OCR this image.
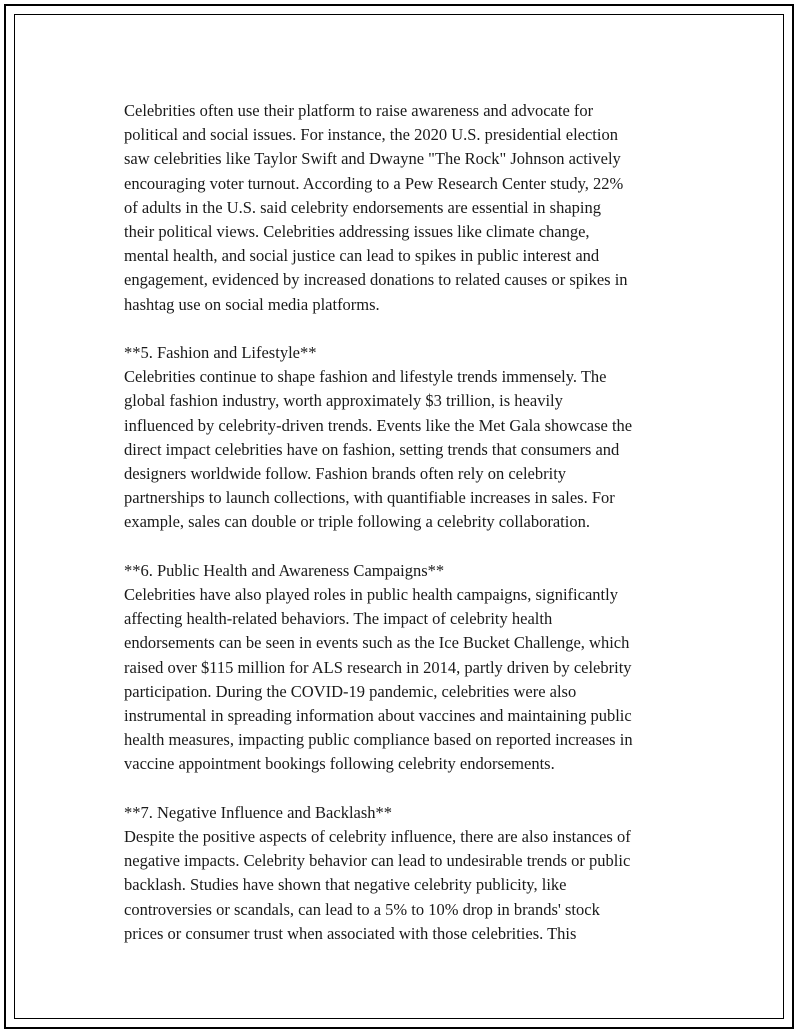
Celebrities often use their platform to raise awareness and advocate for
political and social issues. For instance, the 2020 U.S. presidential election
saw celebrities like Taylor Swift and Dwayne "The Rock" Johnson actively
encouraging voter turnout. According to a Pew Research Center study, 22%
of adults in the U.S. said celebrity endorsements are essential in shaping
their political views. Celebrities addressing issues like climate change,
mental health, and social justice can lead to spikes in public interest and
engagement, evidenced by increased donations to related causes or spikes in
hashtag use on social media platforms.

**5. Fashion and Lifestyle**

Celebrities continue to shape fashion and lifestyle trends immensely. The
global fashion industry, worth approximately $3 trillion, is heavily
influenced by celebrity-driven trends. Events like the Met Gala showcase the
direct impact celebrities have on fashion, setting trends that consumers and
designers worldwide follow. Fashion brands often rely on celebrity
partnerships to launch collections, with quantifiable increases in sales. For
example, sales can double or triple following a celebrity collaboration.

**6. Public Health and Awareness Campaigns**

Celebrities have also played roles in public health campaigns, significantly
affecting health-related behaviors. The impact of celebrity health
endorsements can be seen in events such as the Ice Bucket Challenge, which
raised over $115 million for ALS research in 2014, partly driven by celebrity
participation. During the COVID-19 pandemic, celebrities were also
instrumental in spreading information about vaccines and maintaining public
health measures, impacting public compliance based on reported increases in
vaccine appointment bookings following celebrity endorsements.

**7. Negative Influence and Backlash**

Despite the positive aspects of celebrity influence, there are also instances of
negative impacts. Celebrity behavior can lead to undesirable trends or public
backlash. Studies have shown that negative celebrity publicity, like
controversies or scandals, can lead to a 5% to 10% drop in brands' stock
prices or consumer trust when associated with those celebrities. This
